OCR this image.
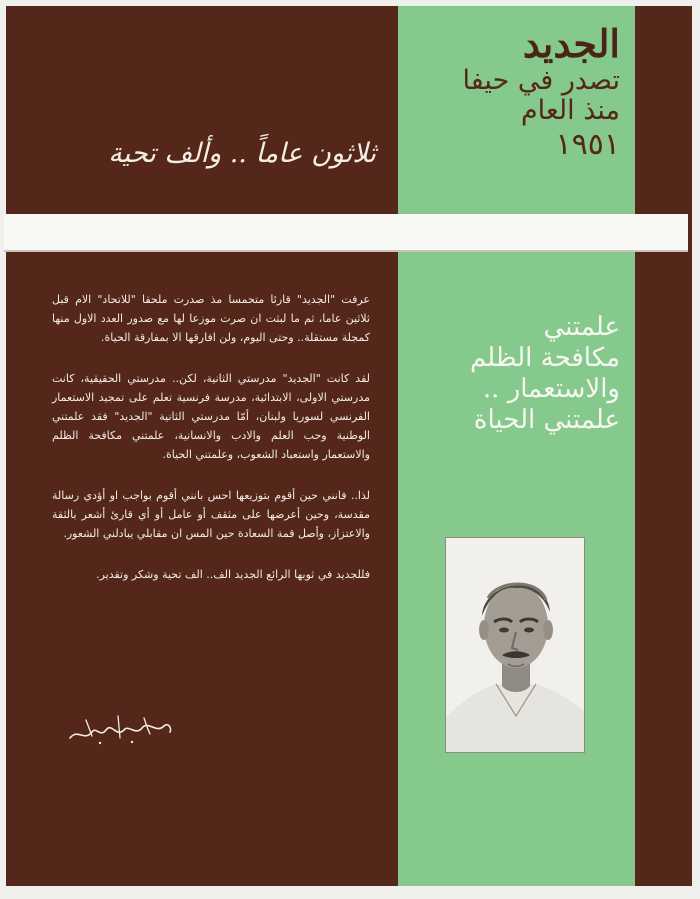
الجديد
تصدر في حيفا
منذ العام
١٩٥١
ثلاثون عاماً .. وألف تحية
علمتني
مكافحة الظلم
والاستعمار ..
علمتني الحياة

عرفت "الجديد" قارئا متحمسا مذ صدرت ملحقا "للاتحاد" الام قبل ثلاثين عاما، ثم ما لبثت ان صرت موزعا لها مع صدور العدد الاول منها كمجلة مستقلة.. وحتى اليوم، ولن افارقها الا بمفارقة الحياة.

لقد كانت "الجديد" مدرستي الثانية، لكن.. مدرستي الحقيقية، كانت مدرستي الاولى، الابتدائية، مدرسة فرنسية تعلم على تمجيد الاستعمار الفرنسي لسوريا ولبنان، أمّا مدرستي الثانية "الجديد" فقد علمتني الوطنية وحب العلم والادب والانسانية، علمتني مكافحة الظلم والاستعمار واستعباد الشعوب، وعلمتني الحياة.

لذا.. فانني حين أقوم بتوزيعها احس بانني أقوم بواجب او أؤدي رسالة مقدسة، وحين أعرضها على مثقف أو عامل أو أي قارئ أشعر بالثقة والاعتزاز، وأصل قمة السعادة حين المس ان مقابلي يبادلني الشعور.

فللجديد في ثوبها الرائع الجديد الف.. الف تحية وشكر وتقدير.
